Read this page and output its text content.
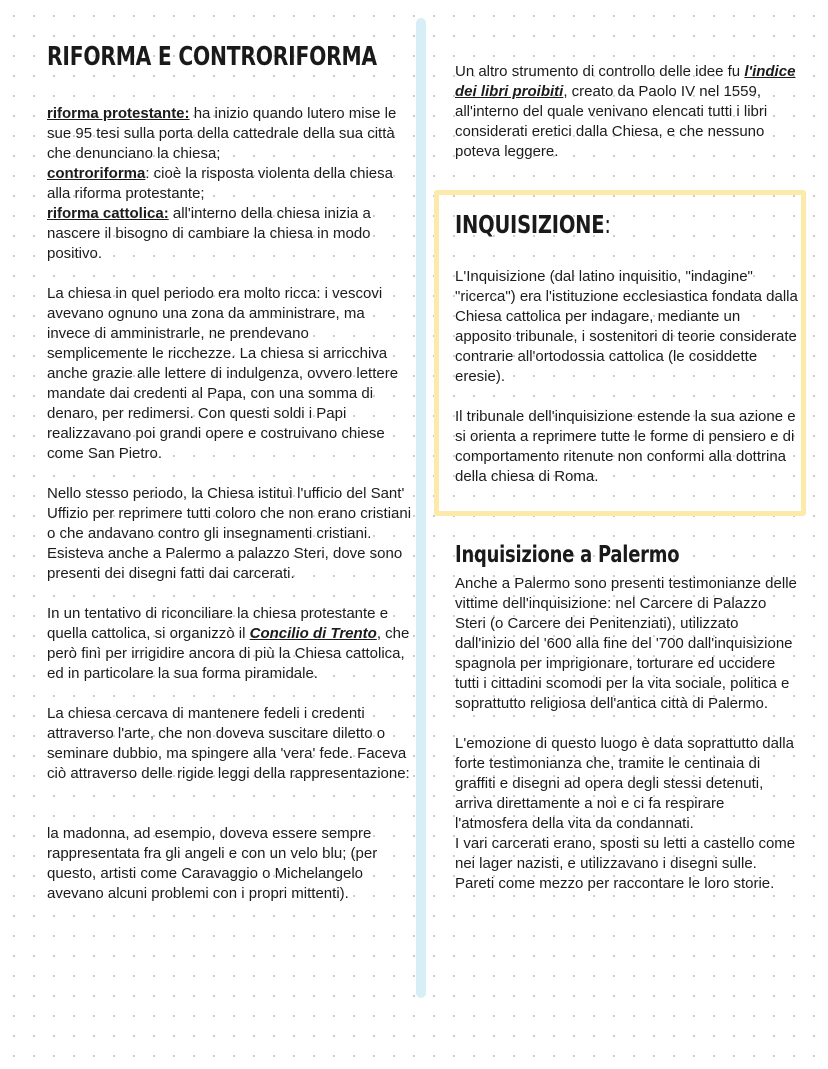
RIFORMA E CONTRORIFORMA

riforma protestante: ha inizio quando lutero mise le sue 95 tesi sulla porta della cattedrale della sua città che denunciano la chiesa;
controriforma: cioè la risposta violenta della chiesa alla riforma protestante;
riforma cattolica: all'interno della chiesa inizia a nascere il bisogno di cambiare la chiesa in modo positivo.

La chiesa in quel periodo era molto ricca: i vescovi avevano ognuno una zona da amministrare, ma invece di amministrarle, ne prendevano semplicemente le ricchezze. La chiesa si arricchiva anche grazie alle lettere di indulgenza, ovvero lettere mandate dai credenti al Papa, con una somma di denaro, per redimersi. Con questi soldi i Papi realizzavano poi grandi opere e costruivano chiese come San Pietro.

Nello stesso periodo, la Chiesa istituì l'ufficio del Sant' Uffizio per reprimere tutti coloro che non erano cristiani o che andavano contro gli insegnamenti cristiani. Esisteva anche a Palermo a palazzo Steri, dove sono presenti dei disegni fatti dai carcerati.

In un tentativo di riconciliare la chiesa protestante e quella cattolica, si organizzò il Concilio di Trento, che però finì per irrigidire ancora di più la Chiesa cattolica, ed in particolare la sua forma piramidale.

La chiesa cercava di mantenere fedeli i credenti attraverso l'arte, che non doveva suscitare diletto o seminare dubbio, ma spingere alla 'vera' fede. Faceva ciò attraverso delle rigide leggi della rappresentazione:

la madonna, ad esempio, doveva essere sempre rappresentata fra gli angeli e con un velo blu; (per questo, artisti come Caravaggio o Michelangelo avevano alcuni problemi con i propri mittenti).

Un altro strumento di controllo delle idee fu l'indice dei libri proibiti, creato da Paolo IV nel 1559, all'interno del quale venivano elencati tutti i libri considerati eretici dalla Chiesa, e che nessuno poteva leggere.

INQUISIZIONE:

L'Inquisizione (dal latino inquisitio, "indagine" "ricerca") era l'istituzione ecclesiastica fondata dalla Chiesa cattolica per indagare, mediante un apposito tribunale, i sostenitori di teorie considerate contrarie all'ortodossia cattolica (le cosiddette eresie).

Il tribunale dell'inquisizione estende la sua azione e si orienta a reprimere tutte le forme di pensiero e di comportamento ritenute non conformi alla dottrina della chiesa di Roma.

Inquisizione a Palermo

Anche a Palermo sono presenti testimonianze delle vittime dell'inquisizione: nel Carcere di Palazzo Steri (o Carcere dei Penitenziati), utilizzato dall'inizio del '600 alla fine del '700 dall'inquisizione spagnola per imprigionare, torturare ed uccidere tutti i cittadini scomodi per la vita sociale, politica e soprattutto religiosa dell'antica città di Palermo.

L'emozione di questo luogo è data soprattutto dalla forte testimonianza che, tramite le centinaia di graffiti e disegni ad opera degli stessi detenuti, arriva direttamente a noi e ci fa respirare l'atmosfera della vita da condannati.

I vari carcerati erano, sposti su letti a castello come nei lager nazisti, e utilizzavano i disegni sulle. Pareti come mezzo per raccontare le loro storie.
